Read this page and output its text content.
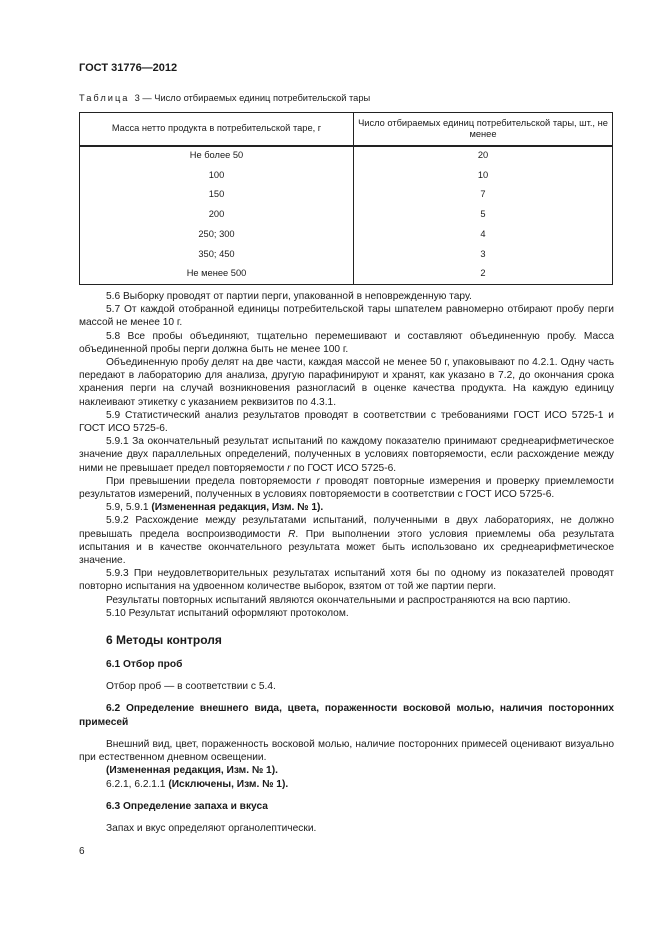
ГОСТ 31776—2012
Таблица 3 — Число отбираемых единиц потребительской тары
Масса нетто продукта в потребительской таре, г	Число отбираемых единиц потребительской тары, шт., не менее
Не более 50	20
100	10
150	7
200	5
250; 300	4
350; 450	3
Не менее 500	2

5.6 Выборку проводят от партии перги, упакованной в неповрежденную тару.

5.7 От каждой отобранной единицы потребительской тары шпателем равномерно отбирают пробу перги массой не менее 10 г.

5.8 Все пробы объединяют, тщательно перемешивают и составляют объединенную пробу. Масса объединенной пробы перги должна быть не менее 100 г.

Объединенную пробу делят на две части, каждая массой не менее 50 г, упаковывают по 4.2.1. Одну часть передают в лабораторию для анализа, другую парафинируют и хранят, как указано в 7.2, до окончания срока хранения перги на случай возникновения разногласий в оценке качества продукта. На каждую единицу наклеивают этикетку с указанием реквизитов по 4.3.1.

5.9 Статистический анализ результатов проводят в соответствии с требованиями ГОСТ ИСО 5725-1 и ГОСТ ИСО 5725-6.

5.9.1 За окончательный результат испытаний по каждому показателю принимают среднеарифметическое значение двух параллельных определений, полученных в условиях повторяемости, если расхождение между ними не превышает предел повторяемости r по ГОСТ ИСО 5725-6.

При превышении предела повторяемости r проводят повторные измерения и проверку приемлемости результатов измерений, полученных в условиях повторяемости в соответствии с ГОСТ ИСО 5725-6.

5.9, 5.9.1 (Измененная редакция, Изм. № 1).

5.9.2 Расхождение между результатами испытаний, полученными в двух лабораториях, не должно превышать предела воспроизводимости R. При выполнении этого условия приемлемы оба результата испытания и в качестве окончательного результата может быть использовано их среднеарифметическое значение.

5.9.3 При неудовлетворительных результатах испытаний хотя бы по одному из показателей проводят повторно испытания на удвоенном количестве выборок, взятом от той же партии перги.

Результаты повторных испытаний являются окончательными и распространяются на всю партию.

5.10 Результат испытаний оформляют протоколом.

6 Методы контроля

6.1 Отбор проб

Отбор проб — в соответствии с 5.4.

6.2 Определение внешнего вида, цвета, пораженности восковой молью, наличия посторонних примесей

Внешний вид, цвет, пораженность восковой молью, наличие посторонних примесей оценивают визуально при естественном дневном освещении.

(Измененная редакция, Изм. № 1).

6.2.1, 6.2.1.1 (Исключены, Изм. № 1).

6.3 Определение запаха и вкуса

Запах и вкус определяют органолептически.

6
